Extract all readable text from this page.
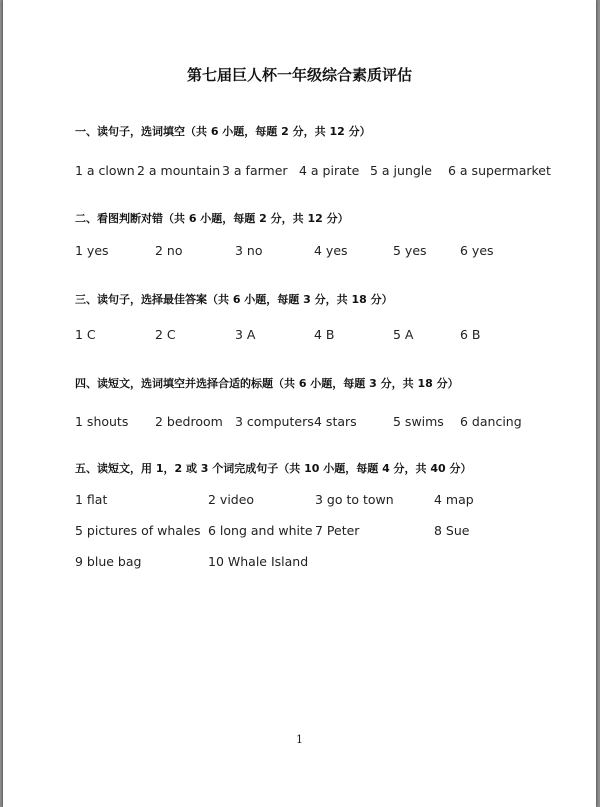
第七届巨人杯一年级综合素质评估
一、读句子，选词填空（共 6 小题，每题 2 分，共 12 分）
1 a clown 2 a mountain 3 a farmer 4 a pirate 5 a jungle 6 a supermarket
二、看图判断对错（共 6 小题，每题 2 分，共 12 分）
1 yes	2 no	3 no	4 yes	5 yes	6 yes
三、读句子，选择最佳答案（共 6 小题，每题 3 分，共 18 分）
1 C	2 C	3 A	4 B	5 A	6 B
四、读短文，选词填空并选择合适的标题（共 6 小题，每题 3 分，共 18 分）
1 shouts 2 bedroom 3 computers 4 stars	5 swims 6 dancing
五、读短文，用 1，2 或 3 个词完成句子（共 10 小题，每题 4 分，共 40 分）
1 flat	2 video	3 go to town	4 map
5 pictures of whales 6 long and white 7 Peter	8 Sue
9 blue bag	10 Whale Island
1
